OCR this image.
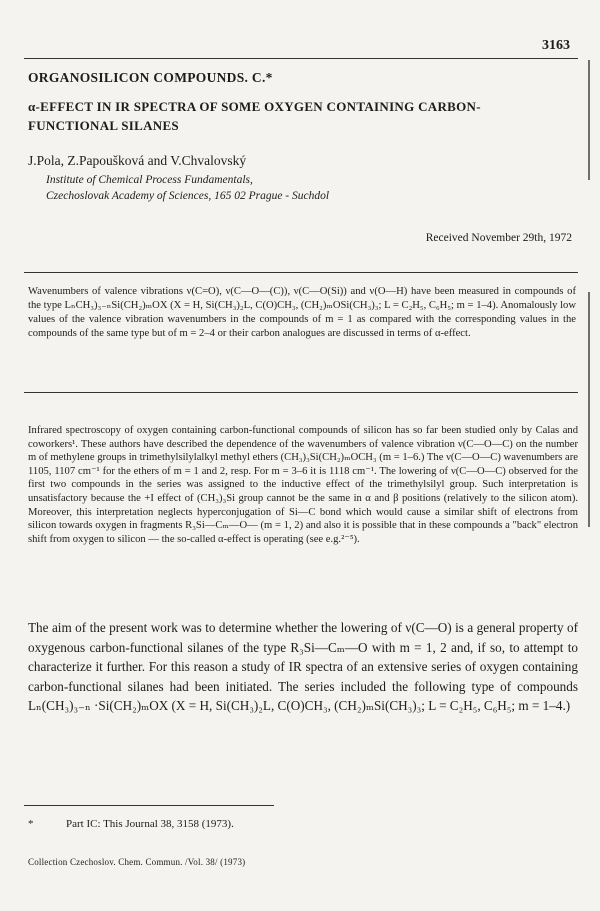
3163
ORGANOSILICON COMPOUNDS. C.*
α-EFFECT IN IR SPECTRA OF SOME OXYGEN CONTAINING CARBON-FUNCTIONAL SILANES
J.Pola, Z.Papoušková and V.Chvalovský
Institute of Chemical Process Fundamentals,
Czechoslovak Academy of Sciences, 165 02 Prague - Suchdol
Received November 29th, 1972
Wavenumbers of valence vibrations ν(C=O), ν(C—O—(C)), ν(C—O(Si)) and ν(O—H) have been measured in compounds of the type LₙCH₃)₃₋ₙSi(CH₂)ₘOX (X = H, Si(CH₃)₂L, C(O)CH₃, (CH₂)ₘOSi(CH₃)₃; L = C₂H₅, C₆H₅; m = 1–4). Anomalously low values of the valence vibration wavenumbers in the compounds of m = 1 as compared with the corresponding values in the compounds of the same type but of m = 2–4 or their carbon analogues are discussed in terms of α-effect.
Infrared spectroscopy of oxygen containing carbon-functional compounds of silicon has so far been studied only by Calas and coworkers¹. These authors have described the dependence of the wavenumbers of valence vibration ν(C—O—C) on the number m of methylene groups in trimethylsilylalkyl methyl ethers (CH₃)₃Si(CH₂)ₘOCH₃ (m = 1–6.) The ν(C—O—C) wavenumbers are 1105, 1107 cm⁻¹ for the ethers of m = 1 and 2, resp. For m = 3–6 it is 1118 cm⁻¹. The lowering of ν(C—O—C) observed for the first two compounds in the series was assigned to the inductive effect of the trimethylsilyl group. Such interpretation is unsatisfactory because the +I effect of (CH₃)₃Si group cannot be the same in α and β positions (relatively to the silicon atom). Moreover, this interpretation neglects hyperconjugation of Si—C bond which would cause a similar shift of electrons from silicon towards oxygen in fragments R₃Si—Cₘ—O— (m = 1, 2) and also it is possible that in these compounds a "back" electron shift from oxygen to silicon — the so-called α-effect is operating (see e.g.²⁻⁵).
The aim of the present work was to determine whether the lowering of ν(C—O) is a general property of oxygenous carbon-functional silanes of the type R₃Si—Cₘ—O with m = 1, 2 and, if so, to attempt to characterize it further. For this reason a study of IR spectra of an extensive series of oxygen containing carbon-functional silanes had been initiated. The series included the following type of compounds Lₙ(CH₃)₃₋ₙ ·Si(CH₂)ₘOX (X = H, Si(CH₃)₂L, C(O)CH₃, (CH₂)ₘSi(CH₃)₃; L = C₂H₅, C₆H₅; m = 1–4.)
*	Part IC: This Journal 38, 3158 (1973).
Collection Czechoslov. Chem. Commun. /Vol. 38/ (1973)
